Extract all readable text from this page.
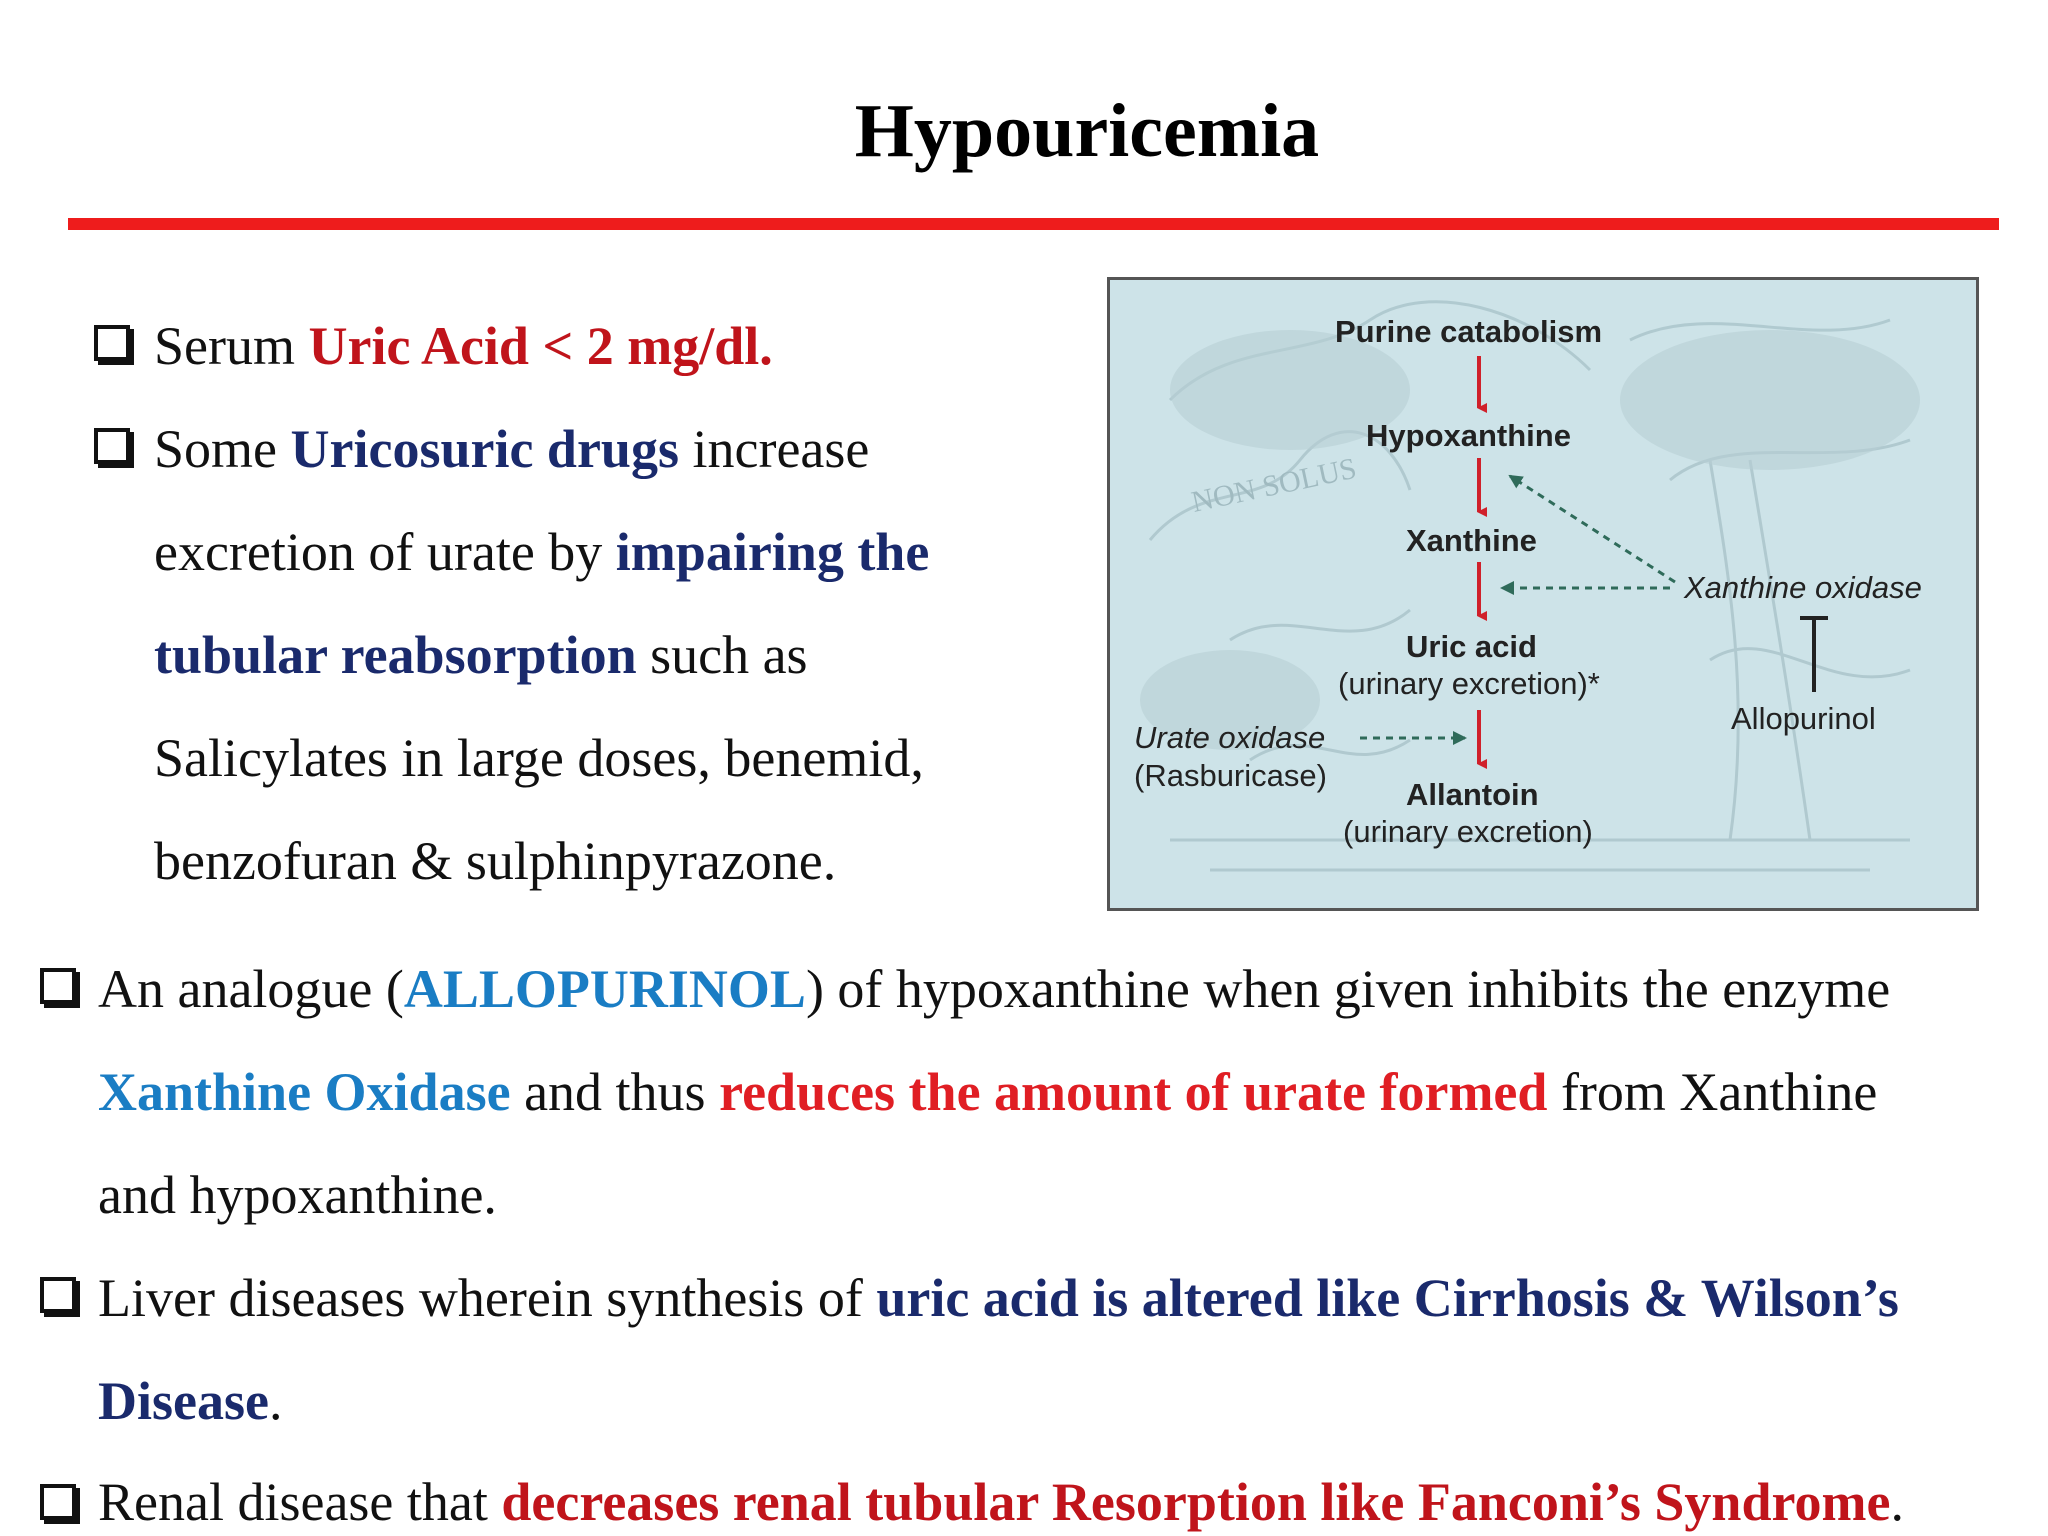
Hypouricemia
Serum Uric Acid < 2 mg/dl.
Some Uricosuric drugs increase
excretion of urate by impairing the
tubular reabsorption such as
Salicylates in large doses, benemid,
benzofuran & sulphinpyrazone.
An analogue (ALLOPURINOL) of hypoxanthine when given inhibits the enzyme
Xanthine Oxidase and thus reduces the amount of urate formed from Xanthine
and hypoxanthine.
Liver diseases wherein synthesis of uric acid is altered like Cirrhosis & Wilson’s
Disease.
Renal disease that decreases renal tubular Resorption like Fanconi’s Syndrome.
NON SOLUS
Purine catabolism
Hypoxanthine
Xanthine
Uric acid
(urinary excretion)*
Allantoin
(urinary excretion)
Xanthine oxidase
Allopurinol
Urate oxidase
(Rasburicase)
